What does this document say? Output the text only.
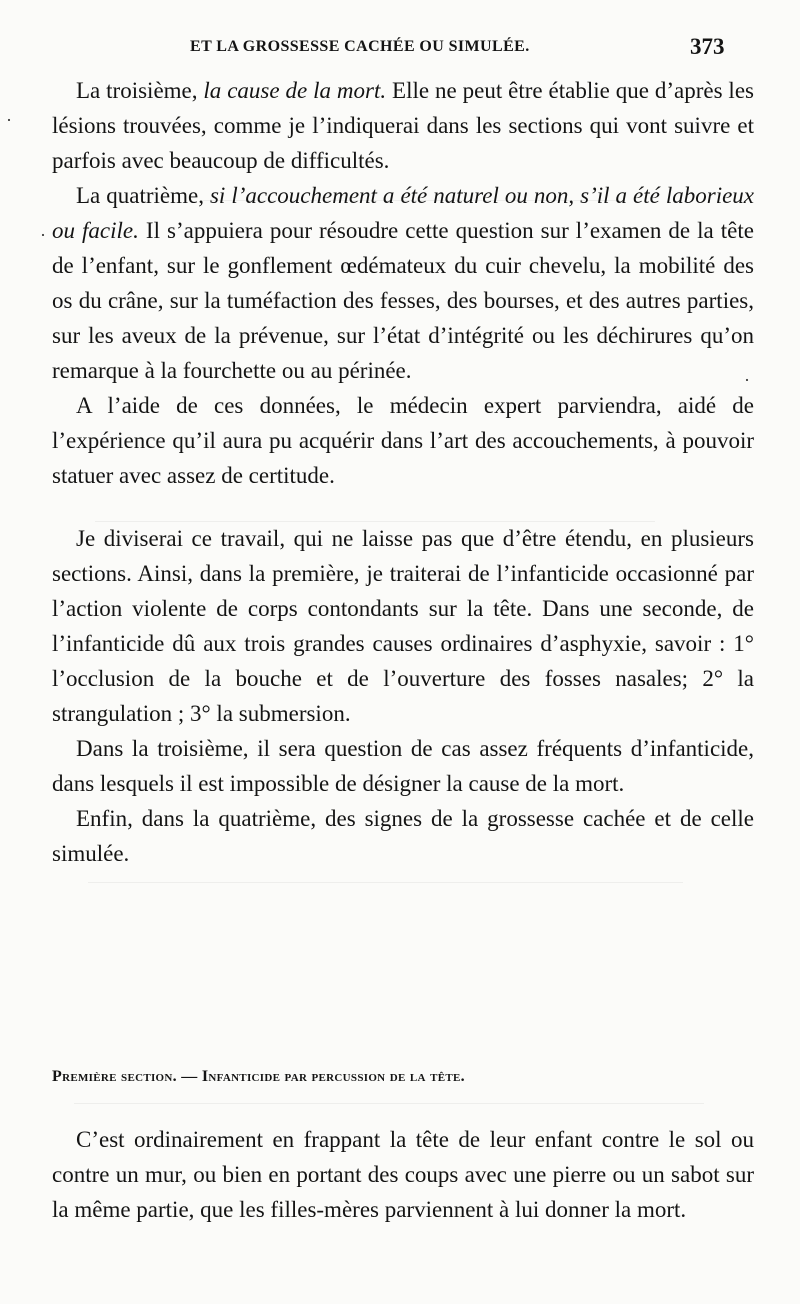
ET LA GROSSESSE CACHÉE OU SIMULÉE.	373

La troisième, la cause de la mort. Elle ne peut être établie que d’après les lésions trouvées, comme je l’indiquerai dans les sections qui vont suivre et parfois avec beaucoup de difficultés.

La quatrième, si l’accouchement a été naturel ou non, s’il a été laborieux ou facile. Il s’appuiera pour résoudre cette question sur l’examen de la tête de l’enfant, sur le gonflement œdémateux du cuir chevelu, la mobilité des os du crâne, sur la tuméfaction des fesses, des bourses, et des autres parties, sur les aveux de la prévenue, sur l’état d’intégrité ou les déchirures qu’on remarque à la fourchette ou au périnée.

A l’aide de ces données, le médecin expert parviendra, aidé de l’expérience qu’il aura pu acquérir dans l’art des accouchements, à pouvoir statuer avec assez de certitude.

Je diviserai ce travail, qui ne laisse pas que d’être étendu, en plusieurs sections. Ainsi, dans la première, je traiterai de l’infanticide occasionné par l’action violente de corps contondants sur la tête. Dans une seconde, de l’infanticide dû aux trois grandes causes ordinaires d’asphyxie, savoir : 1° l’occlusion de la bouche et de l’ouverture des fosses nasales; 2° la strangulation ; 3° la submersion.

Dans la troisième, il sera question de cas assez fréquents d’infanticide, dans lesquels il est impossible de désigner la cause de la mort.

Enfin, dans la quatrième, des signes de la grossesse cachée et de celle simulée.

Première section. — Infanticide par percussion de la tête.

C’est ordinairement en frappant la tête de leur enfant contre le sol ou contre un mur, ou bien en portant des coups avec une pierre ou un sabot sur la même partie, que les filles-mères parviennent à lui donner la mort.

·
·
·
